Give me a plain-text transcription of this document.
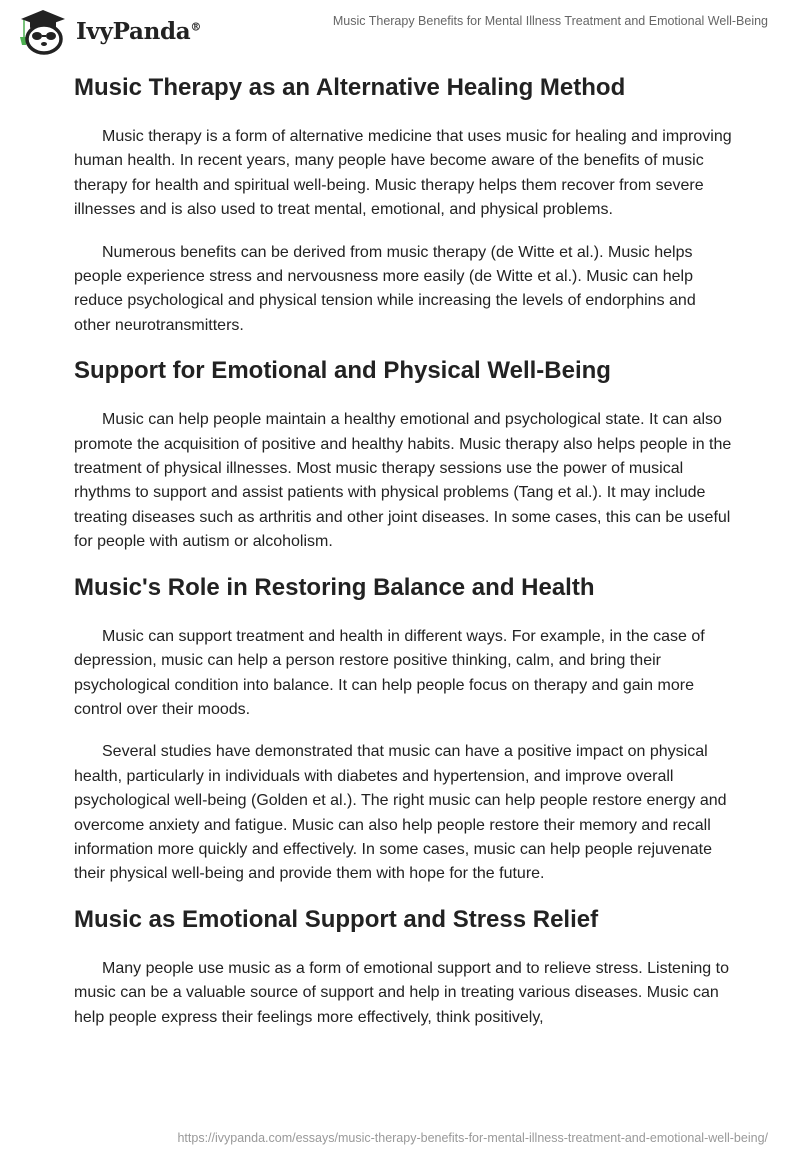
IvyPanda®	Music Therapy Benefits for Mental Illness Treatment and Emotional Well-Being
Music Therapy as an Alternative Healing Method

Music therapy is a form of alternative medicine that uses music for healing and improving human health. In recent years, many people have become aware of the benefits of music therapy for health and spiritual well-being. Music therapy helps them recover from severe illnesses and is also used to treat mental, emotional, and physical problems.

Numerous benefits can be derived from music therapy (de Witte et al.). Music helps people experience stress and nervousness more easily (de Witte et al.). Music can help reduce psychological and physical tension while increasing the levels of endorphins and other neurotransmitters.

Support for Emotional and Physical Well-Being

Music can help people maintain a healthy emotional and psychological state. It can also promote the acquisition of positive and healthy habits. Music therapy also helps people in the treatment of physical illnesses. Most music therapy sessions use the power of musical rhythms to support and assist patients with physical problems (Tang et al.). It may include treating diseases such as arthritis and other joint diseases. In some cases, this can be useful for people with autism or alcoholism.

Music's Role in Restoring Balance and Health

Music can support treatment and health in different ways. For example, in the case of depression, music can help a person restore positive thinking, calm, and bring their psychological condition into balance. It can help people focus on therapy and gain more control over their moods.

Several studies have demonstrated that music can have a positive impact on physical health, particularly in individuals with diabetes and hypertension, and improve overall psychological well-being (Golden et al.). The right music can help people restore energy and overcome anxiety and fatigue. Music can also help people restore their memory and recall information more quickly and effectively. In some cases, music can help people rejuvenate their physical well-being and provide them with hope for the future.

Music as Emotional Support and Stress Relief

Many people use music as a form of emotional support and to relieve stress. Listening to music can be a valuable source of support and help in treating various diseases. Music can help people express their feelings more effectively, think positively,

https://ivypanda.com/essays/music-therapy-benefits-for-mental-illness-treatment-and-emotional-well-being/
